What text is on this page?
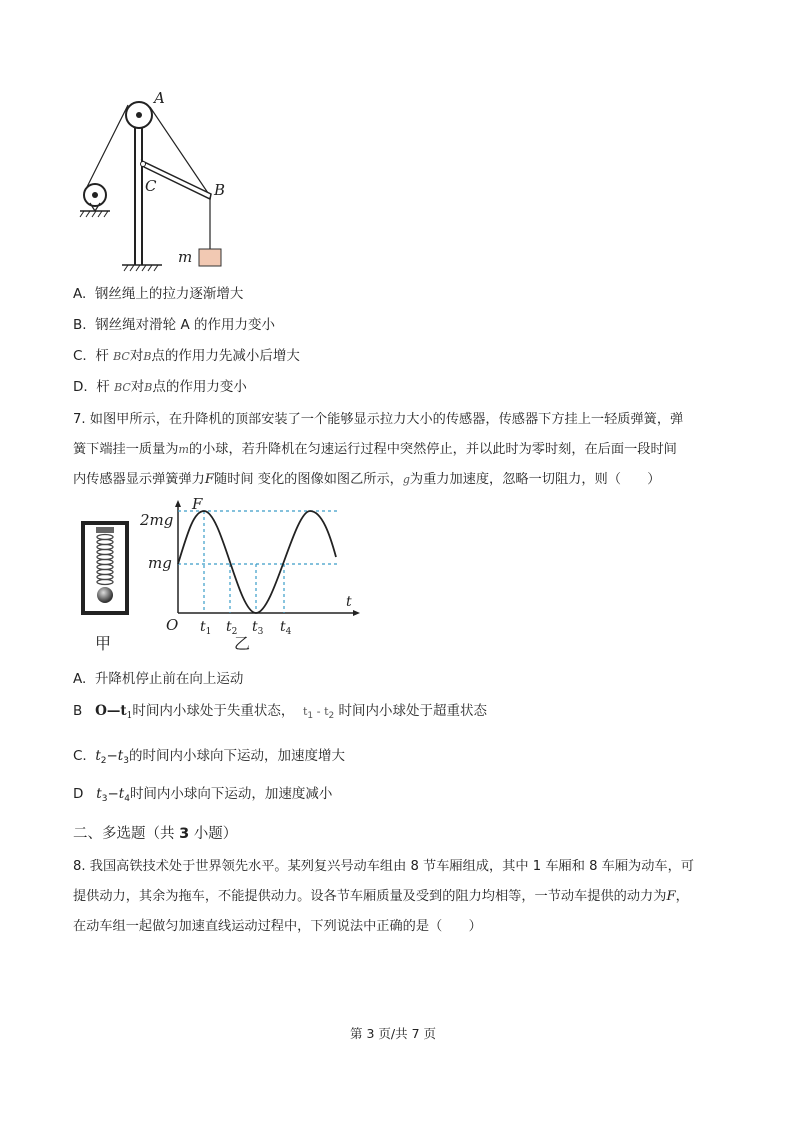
A
C	B
m
A. 钢丝绳上的拉力逐渐增大
B. 钢丝绳对滑轮 A 的作用力变小
C. 杆 BC对B点的作用力先减小后增大
D. 杆 BC对B点的作用力变小
7. 如图甲所示，在升降机的顶部安装了一个能够显示拉力大小的传感器，传感器下方挂上一轻质弹簧，弹
簧下端挂一质量为m的小球，若升降机在匀速运行过程中突然停止，并以此时为零时刻，在后面一段时间
内传感器显示弹簧弹力F随时间 变化的图像如图乙所示，g为重力加速度，忽略一切阻力，则（　　）
甲
F
2mg
mg
t
O $t_1$ $t_2$ $t_3$ $t_4$
乙
A. 升降机停止前在向上运动
B $O—t_1$时间内小球处于失重状态， $t_1 - t_2$ 时间内小球处于超重状态
C. $t_2-t_3$的时间内小球向下运动，加速度增大
D $t_3-t_4$时间内小球向下运动，加速度减小
二、多选题（共 3 小题）
8. 我国高铁技术处于世界领先水平。某列复兴号动车组由 8 节车厢组成，其中 1 车厢和 8 车厢为动车，可
提供动力，其余为拖车，不能提供动力。设各节车厢质量及受到的阻力均相等，一节动车提供的动力为F，
在动车组一起做匀加速直线运动过程中，下列说法中正确的是（　　）
第 3 页/共 7 页
